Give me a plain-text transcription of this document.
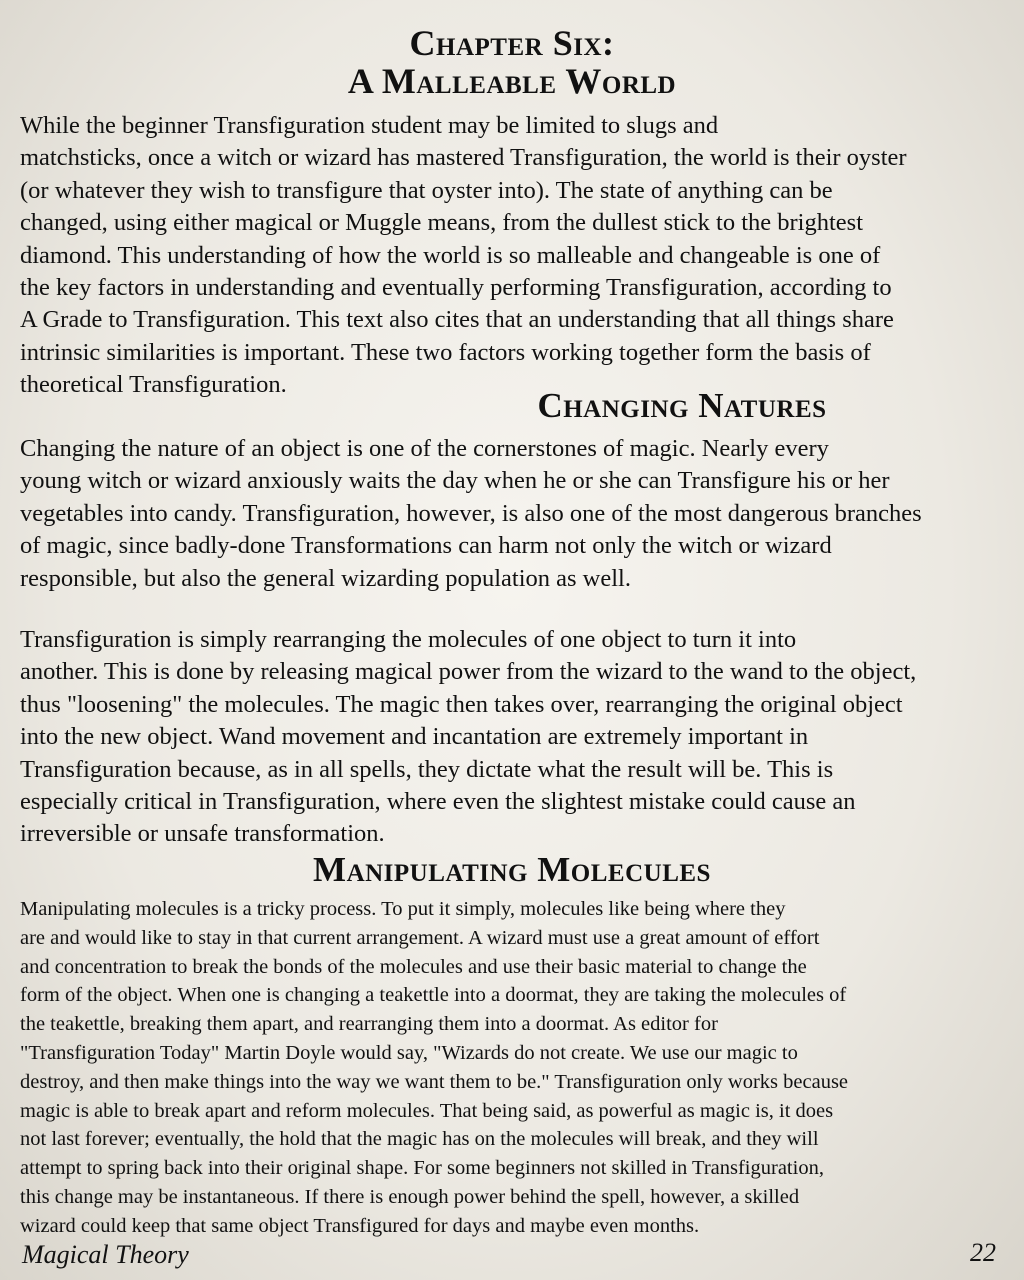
Chapter Six:
A Malleable World

While the beginner Transfiguration student may be limited to slugs and
matchsticks, once a witch or wizard has mastered Transfiguration, the world is their oyster
(or whatever they wish to transfigure that oyster into). The state of anything can be
changed, using either magical or Muggle means, from the dullest stick to the brightest
diamond. This understanding of how the world is so malleable and changeable is one of
the key factors in understanding and eventually performing Transfiguration, according to
A Grade to Transfiguration. This text also cites that an understanding that all things share
intrinsic similarities is important. These two factors working together form the basis of
theoretical Transfiguration.

Changing Natures

Changing the nature of an object is one of the cornerstones of magic. Nearly every
young witch or wizard anxiously waits the day when he or she can Transfigure his or her
vegetables into candy. Transfiguration, however, is also one of the most dangerous branches
of magic, since badly-done Transformations can harm not only the witch or wizard
responsible, but also the general wizarding population as well.

Transfiguration is simply rearranging the molecules of one object to turn it into
another. This is done by releasing magical power from the wizard to the wand to the object,
thus "loosening" the molecules. The magic then takes over, rearranging the original object
into the new object. Wand movement and incantation are extremely important in
Transfiguration because, as in all spells, they dictate what the result will be. This is
especially critical in Transfiguration, where even the slightest mistake could cause an
irreversible or unsafe transformation.

Manipulating Molecules

Manipulating molecules is a tricky process. To put it simply, molecules like being where they
are and would like to stay in that current arrangement. A wizard must use a great amount of effort
and concentration to break the bonds of the molecules and use their basic material to change the
form of the object. When one is changing a teakettle into a doormat, they are taking the molecules of
the teakettle, breaking them apart, and rearranging them into a doormat. As editor for
"Transfiguration Today" Martin Doyle would say, "Wizards do not create. We use our magic to
destroy, and then make things into the way we want them to be." Transfiguration only works because
magic is able to break apart and reform molecules. That being said, as powerful as magic is, it does
not last forever; eventually, the hold that the magic has on the molecules will break, and they will
attempt to spring back into their original shape. For some beginners not skilled in Transfiguration,
this change may be instantaneous. If there is enough power behind the spell, however, a skilled
wizard could keep that same object Transfigured for days and maybe even months.

Magical Theory	22
